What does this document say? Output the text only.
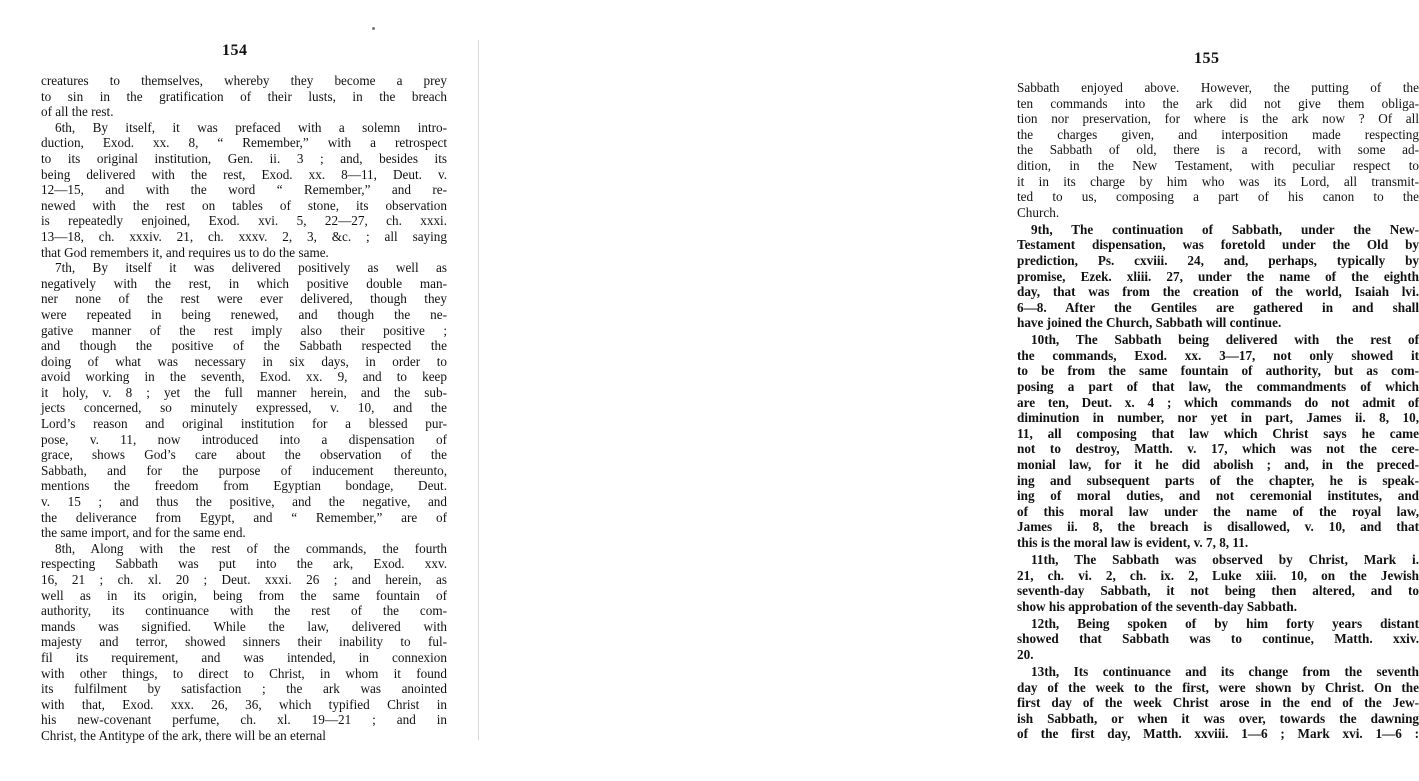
154
creatures to themselves, whereby they become a prey
to sin in the gratification of their lusts, in the breach
of all the rest.
6th, By itself, it was prefaced with a solemn intro-
duction, Exod. xx. 8, “ Remember,” with a retrospect
to its original institution, Gen. ii. 3 ; and, besides its
being delivered with the rest, Exod. xx. 8—11, Deut. v.
12—15, and with the word “ Remember,” and re-
newed with the rest on tables of stone, its observation
is repeatedly enjoined, Exod. xvi. 5, 22—27, ch. xxxi.
13—18, ch. xxxiv. 21, ch. xxxv. 2, 3, &c. ; all saying
that God remembers it, and requires us to do the same.
7th, By itself it was delivered positively as well as
negatively with the rest, in which positive double man-
ner none of the rest were ever delivered, though they
were repeated in being renewed, and though the ne-
gative manner of the rest imply also their positive ;
and though the positive of the Sabbath respected the
doing of what was necessary in six days, in order to
avoid working in the seventh, Exod. xx. 9, and to keep
it holy, v. 8 ; yet the full manner herein, and the sub-
jects concerned, so minutely expressed, v. 10, and the
Lord’s reason and original institution for a blessed pur-
pose, v. 11, now introduced into a dispensation of
grace, shows God’s care about the observation of the
Sabbath, and for the purpose of inducement thereunto,
mentions the freedom from Egyptian bondage, Deut.
v. 15 ; and thus the positive, and the negative, and
the deliverance from Egypt, and “ Remember,” are of
the same import, and for the same end.
8th, Along with the rest of the commands, the fourth
respecting Sabbath was put into the ark, Exod. xxv.
16, 21 ; ch. xl. 20 ; Deut. xxxi. 26 ; and herein, as
well as in its origin, being from the same fountain of
authority, its continuance with the rest of the com-
mands was signified. While the law, delivered with
majesty and terror, showed sinners their inability to ful-
fil its requirement, and was intended, in connexion
with other things, to direct to Christ, in whom it found
its fulfilment by satisfaction ; the ark was anointed
with that, Exod. xxx. 26, 36, which typified Christ in
his new-covenant perfume, ch. xl. 19—21 ; and in
Christ, the Antitype of the ark, there will be an eternal
155
Sabbath enjoyed above. However, the putting of the
ten commands into the ark did not give them obliga-
tion nor preservation, for where is the ark now ? Of all
the charges given, and interposition made respecting
the Sabbath of old, there is a record, with some ad-
dition, in the New Testament, with peculiar respect to
it in its charge by him who was its Lord, all transmit-
ted to us, composing a part of his canon to the
Church.
9th, The continuation of Sabbath, under the New-
Testament dispensation, was foretold under the Old by
prediction, Ps. cxviii. 24, and, perhaps, typically by
promise, Ezek. xliii. 27, under the name of the eighth
day, that was from the creation of the world, Isaiah lvi.
6—8. After the Gentiles are gathered in and shall
have joined the Church, Sabbath will continue.
10th, The Sabbath being delivered with the rest of
the commands, Exod. xx. 3—17, not only showed it
to be from the same fountain of authority, but as com-
posing a part of that law, the commandments of which
are ten, Deut. x. 4 ; which commands do not admit of
diminution in number, nor yet in part, James ii. 8, 10,
11, all composing that law which Christ says he came
not to destroy, Matth. v. 17, which was not the cere-
monial law, for it he did abolish ; and, in the preced-
ing and subsequent parts of the chapter, he is speak-
ing of moral duties, and not ceremonial institutes, and
of this moral law under the name of the royal law,
James ii. 8, the breach is disallowed, v. 10, and that
this is the moral law is evident, v. 7, 8, 11.
11th, The Sabbath was observed by Christ, Mark i.
21, ch. vi. 2, ch. ix. 2, Luke xiii. 10, on the Jewish
seventh-day Sabbath, it not being then altered, and to
show his approbation of the seventh-day Sabbath.
12th, Being spoken of by him forty years distant
showed that Sabbath was to continue, Matth. xxiv.
20.
13th, Its continuance and its change from the seventh
day of the week to the first, were shown by Christ. On the
first day of the week Christ arose in the end of the Jew-
ish Sabbath, or when it was over, towards the dawning
of the first day, Matth. xxviii. 1—6 ; Mark xvi. 1—6 :
